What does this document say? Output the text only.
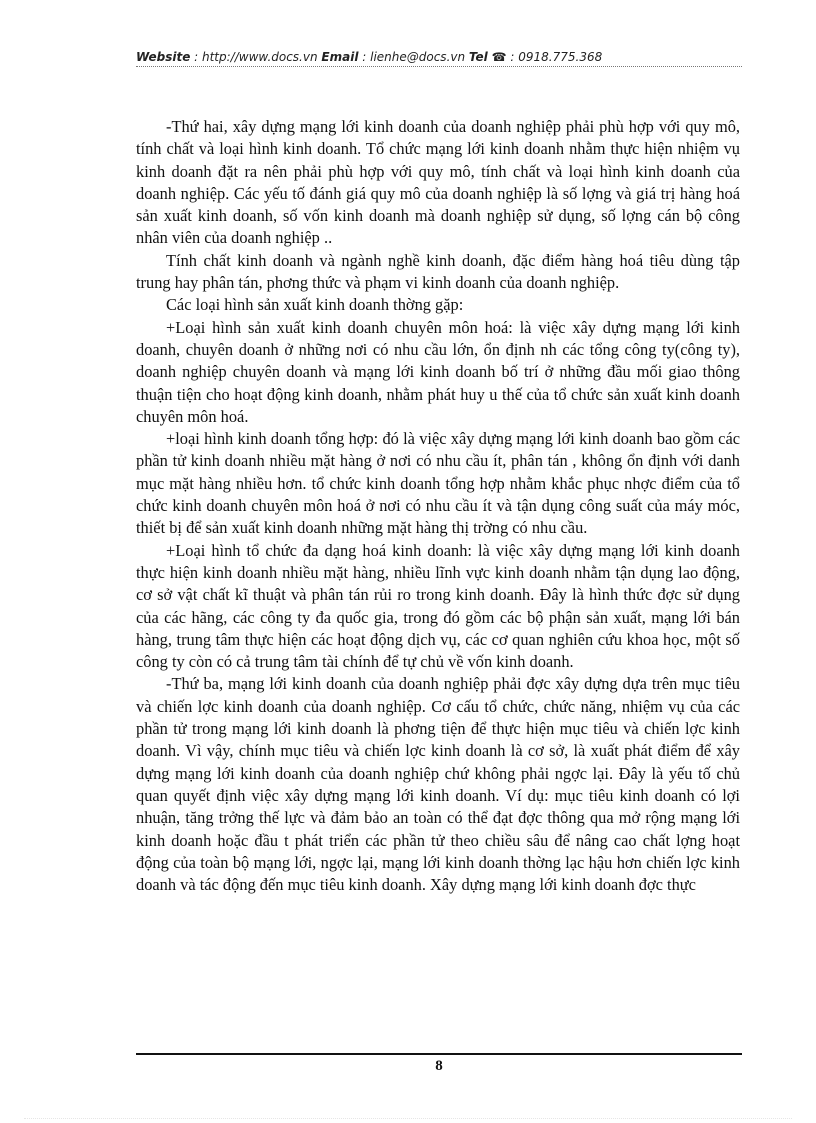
Website : http://www.docs.vn Email : lienhe@docs.vn Tel ☎ : 0918.775.368

-Thứ hai, xây dựng mạng lới kinh doanh của doanh nghiệp phải phù hợp với quy mô, tính chất và loại hình kinh doanh. Tổ chức mạng lới kinh doanh nhằm thực hiện nhiệm vụ kinh doanh đặt ra nên phải phù hợp với quy mô, tính chất và loại hình kinh doanh của doanh nghiệp. Các yếu tố đánh giá quy mô của doanh nghiệp là số lợng và giá trị hàng hoá sản xuất kinh doanh, số vốn kinh doanh mà doanh nghiệp sử dụng, số lợng cán bộ công nhân viên của doanh nghiệp ..

Tính chất kinh doanh và ngành nghề kinh doanh, đặc điểm hàng hoá tiêu dùng tập trung hay phân tán, phơng thức và phạm vi kinh doanh của doanh nghiệp.

Các loại hình sản xuất kinh doanh thờng gặp:

+Loại hình sản xuất kinh doanh chuyên môn hoá: là việc xây dựng mạng lới kinh doanh, chuyên doanh ở những nơi có nhu cầu lớn, ổn định nh các tổng công ty(công ty), doanh nghiệp chuyên doanh và mạng lới kinh doanh bố trí ở những đầu mối giao thông thuận tiện cho hoạt động kinh doanh, nhằm phát huy u thế của tổ chức sản xuất kinh doanh chuyên môn hoá.

+loại hình kinh doanh tổng hợp: đó là việc xây dựng mạng lới kinh doanh bao gồm các phần tử kinh doanh nhiều mặt hàng ở nơi có nhu cầu ít, phân tán , không ổn định với danh mục mặt hàng nhiều hơn. tổ chức kinh doanh tổng hợp nhằm khắc phục nhợc điểm của tổ chức kinh doanh chuyên môn hoá ở nơi có nhu cầu ít và tận dụng công suất của máy móc, thiết bị để sản xuất kinh doanh những mặt hàng thị trờng có nhu cầu.

+Loại hình tổ chức đa dạng hoá kinh doanh: là việc xây dựng mạng lới kinh doanh thực hiện kinh doanh nhiều mặt hàng, nhiều lĩnh vực kinh doanh nhằm tận dụng lao động, cơ sở vật chất kĩ thuật và phân tán rủi ro trong kinh doanh. Đây là hình thức đợc sử dụng của các hãng, các công ty đa quốc gia, trong đó gồm các bộ phận sản xuất, mạng lới bán hàng, trung tâm thực hiện các hoạt động dịch vụ, các cơ quan nghiên cứu khoa học, một số công ty còn có cả trung tâm tài chính để tự chủ về vốn kinh doanh.

-Thứ ba, mạng lới kinh doanh của doanh nghiệp phải đợc xây dựng dựa trên mục tiêu và chiến lợc kinh doanh của doanh nghiệp. Cơ cấu tổ chức, chức năng, nhiệm vụ của các phần tử trong mạng lới kinh doanh là phơng tiện để thực hiện mục tiêu và chiến lợc kinh doanh. Vì vậy, chính mục tiêu và chiến lợc kinh doanh là cơ sở, là xuất phát điểm để xây dựng mạng lới kinh doanh của doanh nghiệp chứ không phải ngợc lại. Đây là yếu tố chủ quan quyết định việc xây dựng mạng lới kinh doanh. Ví dụ: mục tiêu kinh doanh có lợi nhuận, tăng trởng thế lực và đảm bảo an toàn có thể đạt đợc thông qua mở rộng mạng lới kinh doanh hoặc đầu t phát triển các phần tử theo chiều sâu để nâng cao chất lợng hoạt động của toàn bộ mạng lới, ngợc lại, mạng lới kinh doanh thờng lạc hậu hơn chiến lợc kinh doanh và tác động đến mục tiêu kinh doanh. Xây dựng mạng lới kinh doanh đợc thực

8
